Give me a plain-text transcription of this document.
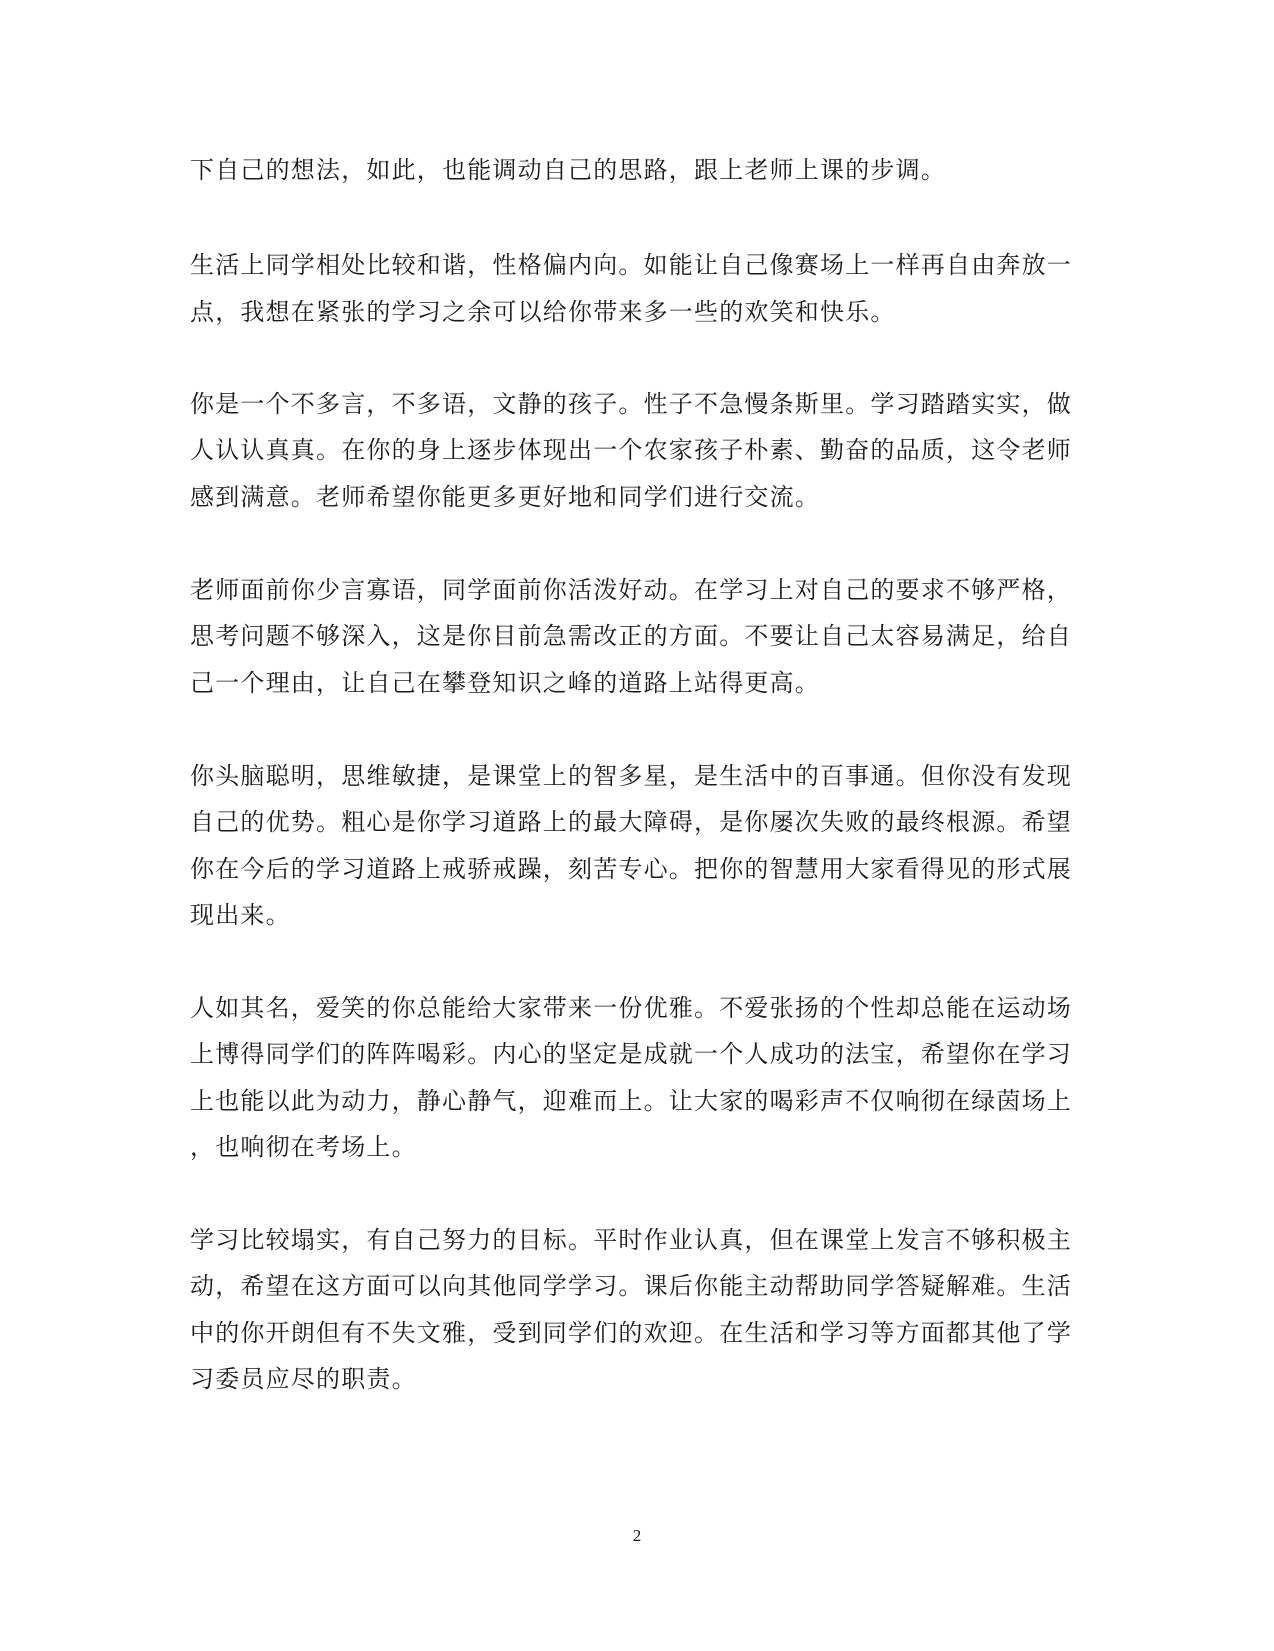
下自己的想法，如此，也能调动自己的思路，跟上老师上课的步调。
生活上同学相处比较和谐，性格偏内向。如能让自己像赛场上一样再自由奔放一
点，我想在紧张的学习之余可以给你带来多一些的欢笑和快乐。
你是一个不多言，不多语，文静的孩子。性子不急慢条斯里。学习踏踏实实，做
人认认真真。在你的身上逐步体现出一个农家孩子朴素、勤奋的品质，这令老师
感到满意。老师希望你能更多更好地和同学们进行交流。
老师面前你少言寡语，同学面前你活泼好动。在学习上对自己的要求不够严格，
思考问题不够深入，这是你目前急需改正的方面。不要让自己太容易满足，给自
己一个理由，让自己在攀登知识之峰的道路上站得更高。
你头脑聪明，思维敏捷，是课堂上的智多星，是生活中的百事通。但你没有发现
自己的优势。粗心是你学习道路上的最大障碍，是你屡次失败的最终根源。希望
你在今后的学习道路上戒骄戒躁，刻苦专心。把你的智慧用大家看得见的形式展
现出来。
人如其名，爱笑的你总能给大家带来一份优雅。不爱张扬的个性却总能在运动场
上博得同学们的阵阵喝彩。内心的坚定是成就一个人成功的法宝，希望你在学习
上也能以此为动力，静心静气，迎难而上。让大家的喝彩声不仅响彻在绿茵场上
，也响彻在考场上。
学习比较塌实，有自己努力的目标。平时作业认真，但在课堂上发言不够积极主
动，希望在这方面可以向其他同学学习。课后你能主动帮助同学答疑解难。生活
中的你开朗但有不失文雅，受到同学们的欢迎。在生活和学习等方面都其他了学
习委员应尽的职责。
2
